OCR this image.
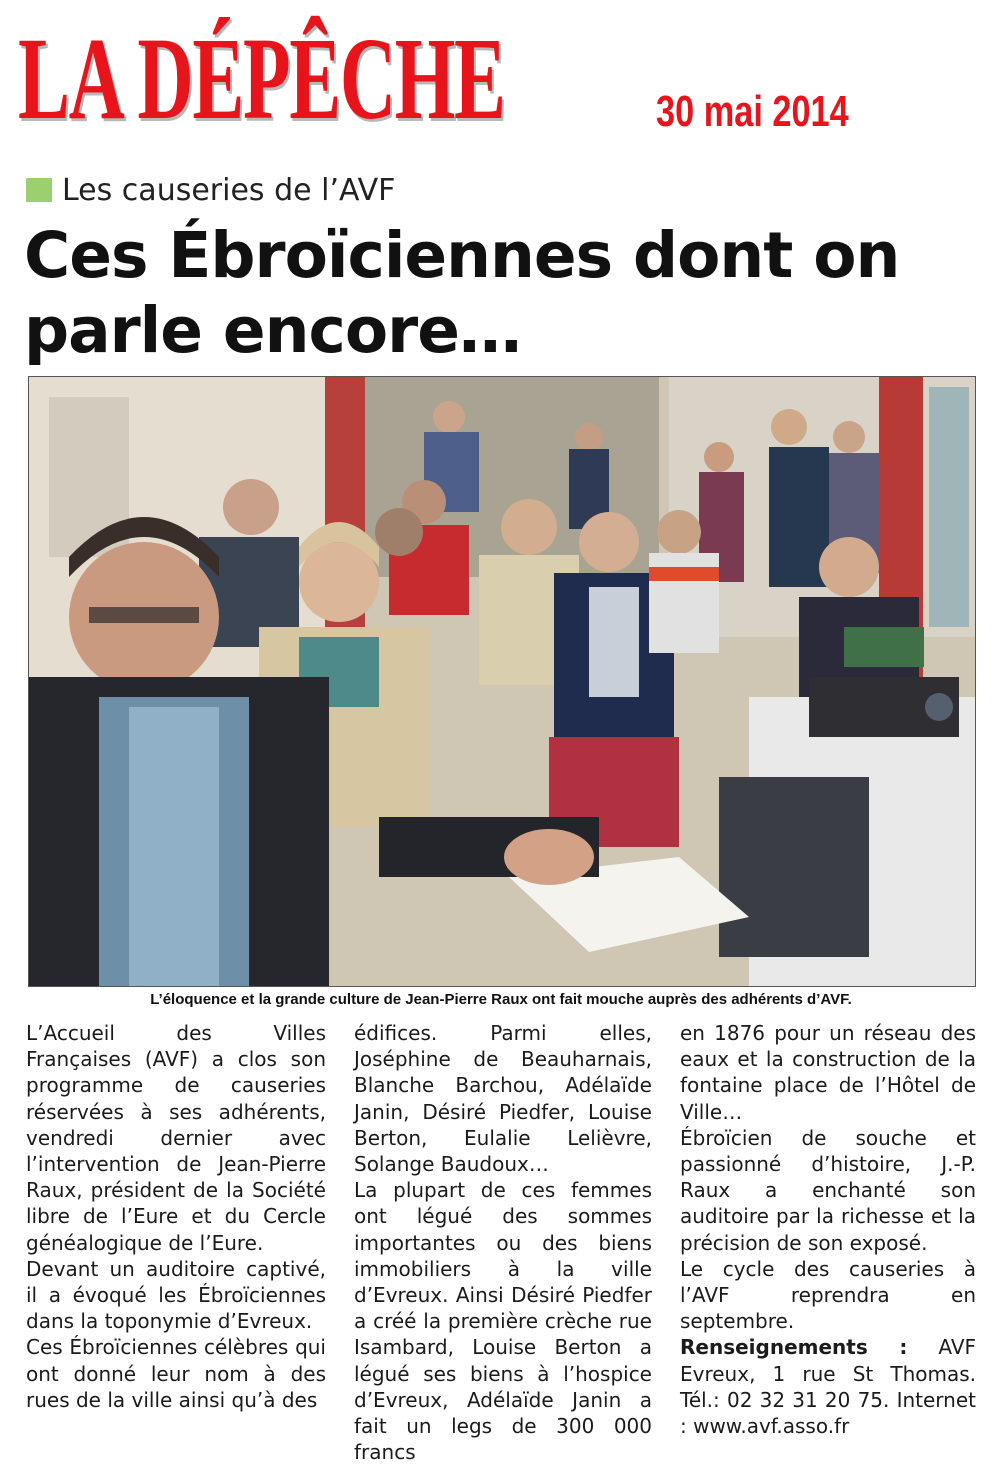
LA DÉPÊCHE	30 mai 2014
Les causeries de l’AVF
Ces Ébroïciennes dont on parle encore…
L’éloquence et la grande culture de Jean-Pierre Raux ont fait mouche auprès des adhérents d’AVF.

L’Accueil des Villes Françaises (AVF) a clos son programme de causeries réservées à ses adhérents, vendredi dernier avec l’intervention de Jean-Pierre Raux, président de la Société libre de l’Eure et du Cercle généalogique de l’Eure.

Devant un auditoire captivé, il a évoqué les Ébroïciennes dans la toponymie d’Evreux.

Ces Ébroïciennes célèbres qui ont donné leur nom à des rues de la ville ainsi qu’à des

édifices. Parmi elles, Joséphine de Beauharnais, Blanche Barchou, Adélaïde Janin, Désiré Piedfer, Louise Berton, Eulalie Lelièvre, Solange Baudoux…

La plupart de ces femmes ont légué des sommes importantes ou des biens immobiliers à la ville d’Evreux. Ainsi Désiré Piedfer a créé la première crèche rue Isambard, Louise Berton a légué ses biens à l’hospice d’Evreux, Adélaïde Janin a fait un legs de 300 000 francs

en 1876 pour un réseau des eaux et la construction de la fontaine place de l’Hôtel de Ville…

Ébroïcien de souche et passionné d’histoire, J.-P. Raux a enchanté son auditoire par la richesse et la précision de son exposé.

Le cycle des causeries à l’AVF reprendra en septembre.

Renseignements : AVF Evreux, 1 rue St Thomas. Tél.: 02 32 31 20 75. Internet : www.avf.asso.fr
